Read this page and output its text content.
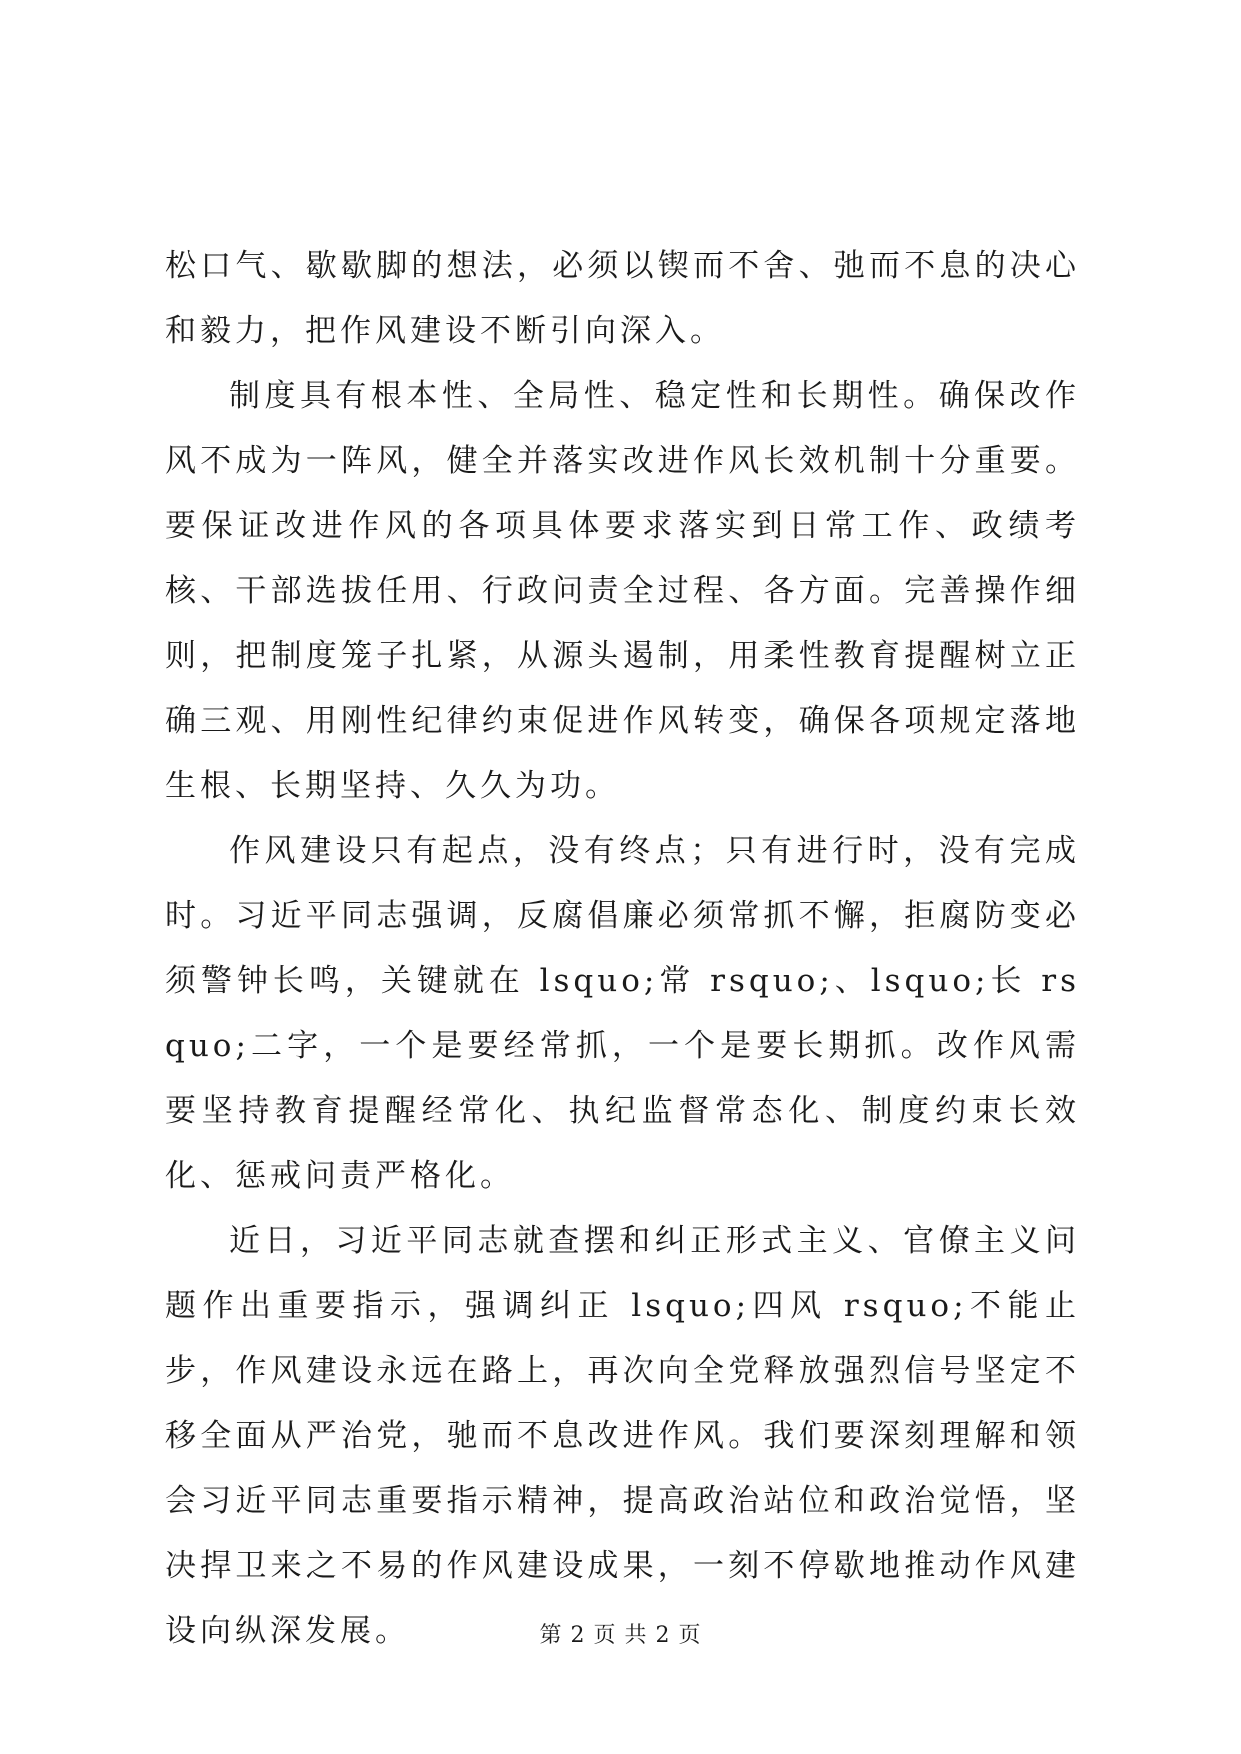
松口气、歇歇脚的想法，必须以锲而不舍、弛而不息的决心和毅力，把作风建设不断引向深入。

制度具有根本性、全局性、稳定性和长期性。确保改作风不成为一阵风，健全并落实改进作风长效机制十分重要。要保证改进作风的各项具体要求落实到日常工作、政绩考核、干部选拔任用、行政问责全过程、各方面。完善操作细则，把制度笼子扎紧，从源头遏制，用柔性教育提醒树立正确三观、用刚性纪律约束促进作风转变，确保各项规定落地生根、长期坚持、久久为功。

作风建设只有起点，没有终点；只有进行时，没有完成时。习近平同志强调，反腐倡廉必须常抓不懈，拒腐防变必须警钟长鸣，关键就在 lsquo;常 rsquo;、lsquo;长 rsquo;二字，一个是要经常抓，一个是要长期抓。改作风需要坚持教育提醒经常化、执纪监督常态化、制度约束长效化、惩戒问责严格化。

近日，习近平同志就查摆和纠正形式主义、官僚主义问题作出重要指示，强调纠正 lsquo;四风 rsquo;不能止步，作风建设永远在路上，再次向全党释放强烈信号坚定不移全面从严治党，驰而不息改进作风。我们要深刻理解和领会习近平同志重要指示精神，提高政治站位和政治觉悟，坚决捍卫来之不易的作风建设成果，一刻不停歇地推动作风建设向纵深发展。	第 2 页 共 2 页
